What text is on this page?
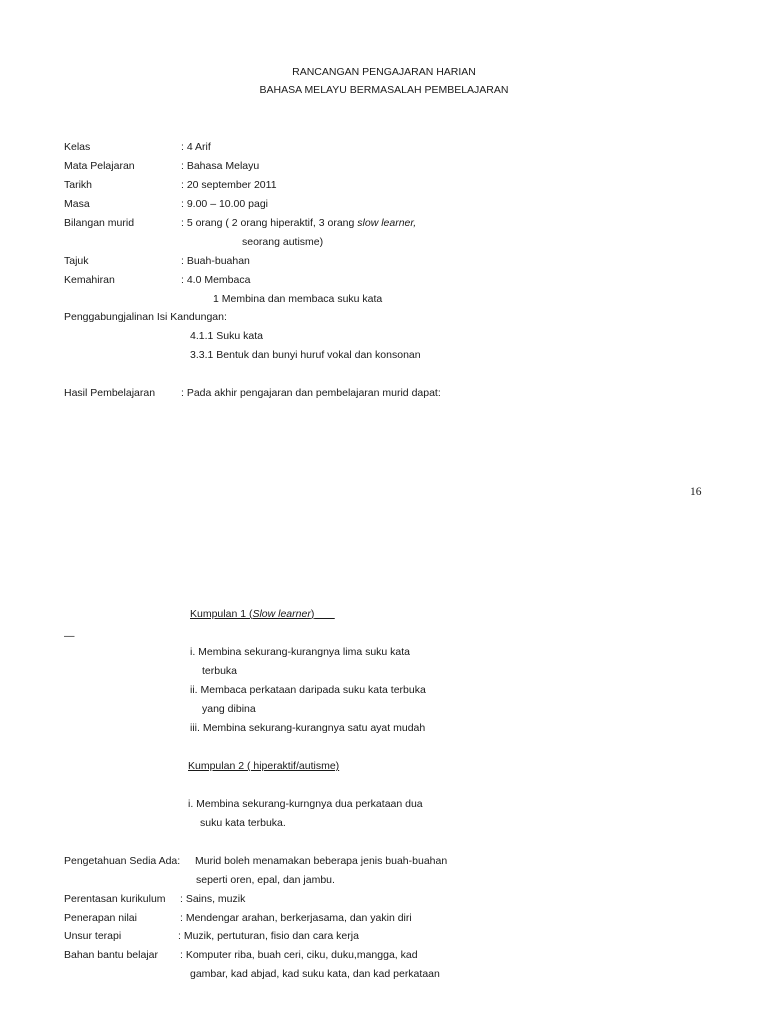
RANCANGAN PENGAJARAN HARIAN
BAHASA MELAYU BERMASALAH PEMBELAJARAN
Kelas	: 4 Arif
Mata Pelajaran	: Bahasa Melayu
Tarikh	: 20 september 2011
Masa	: 9.00 – 10.00 pagi
Bilangan murid	: 5 orang ( 2 orang hiperaktif, 3 orang slow learner,
seorang autisme)
Tajuk	: Buah-buahan
Kemahiran	: 4.0 Membaca
1 Membina dan membaca suku kata
Penggabungjalinan Isi Kandungan:
4.1.1 Suku kata
3.3.1 Bentuk dan bunyi huruf vokal dan konsonan
Hasil Pembelajaran : Pada akhir pengajaran dan pembelajaran murid dapat:
16
Kumpulan 1 (Slow learner)
—
i. Membina sekurang-kurangnya lima suku kata
terbuka
ii. Membaca perkataan daripada suku kata terbuka
yang dibina
iii. Membina sekurang-kurangnya satu ayat mudah
Kumpulan 2 ( hiperaktif/autisme)
i. Membina sekurang-kurngnya dua perkataan dua
suku kata terbuka.
Pengetahuan Sedia Ada: Murid boleh menamakan beberapa jenis buah-buahan
seperti oren, epal, dan jambu.
Perentasan kurikulum : Sains, muzik
Penerapan nilai	: Mendengar arahan, berkerjasama, dan yakin diri
Unsur terapi	: Muzik, pertuturan, fisio dan cara kerja
Bahan bantu belajar : Komputer riba, buah ceri, ciku, duku,mangga, kad
gambar, kad abjad, kad suku kata, dan kad perkataan
